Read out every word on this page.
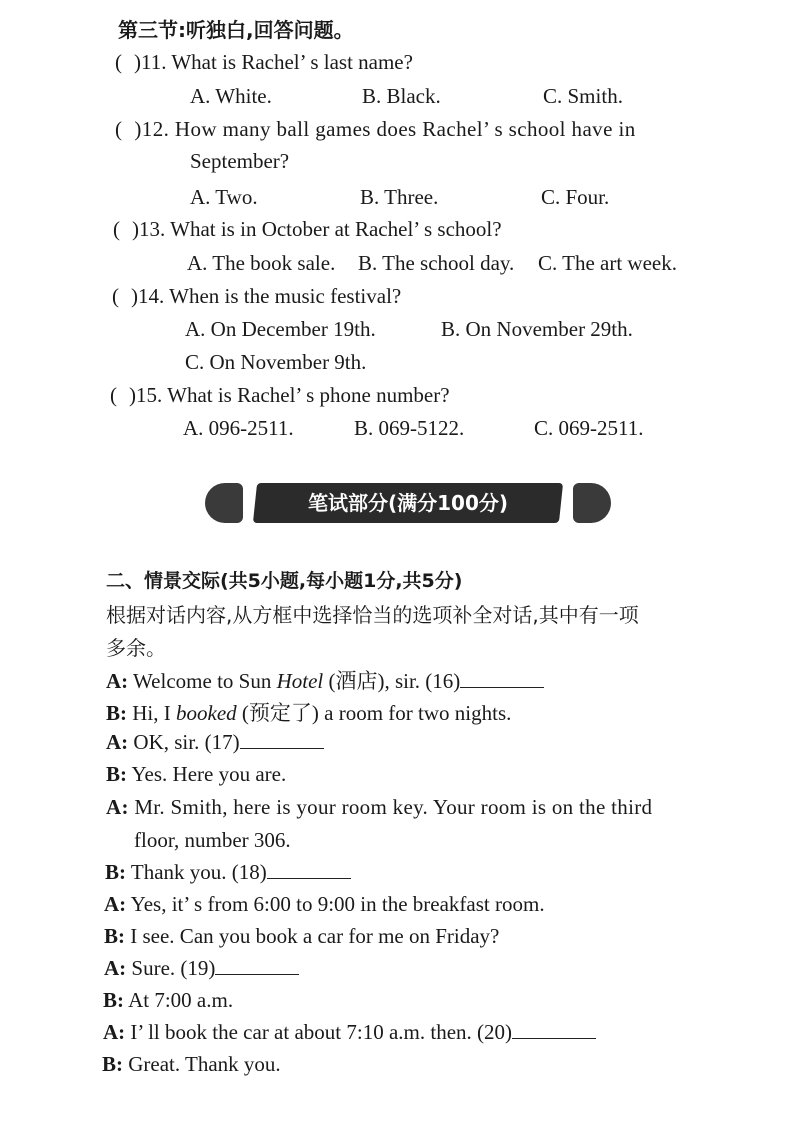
第三节:听独白,回答问题。
( )11. What is Rachel’ s last name?
A. White.	B. Black.	C. Smith.
( )12. How many ball games does Rachel’ s school have in
September?
A. Two.	B. Three.	C. Four.
( )13. What is in October at Rachel’ s school?
A. The book sale. B. The school day. C. The art week.
( )14. When is the music festival?
A. On December 19th.	B. On November 29th.
C. On November 9th.
( )15. What is Rachel’ s phone number?
A. 096-2511.	B. 069-5122.	C. 069-2511.
笔试部分(满分100分)
二、情景交际(共5小题,每小题1分,共5分)
根据对话内容,从方框中选择恰当的选项补全对话,其中有一项
多余。
A: Welcome to Sun Hotel (酒店), sir. (16)
B: Hi, I booked (预定了) a room for two nights.
A: OK, sir. (17)
B: Yes. Here you are.
A: Mr. Smith, here is your room key. Your room is on the third
floor, number 306.
B: Thank you. (18)
A: Yes, it’ s from 6:00 to 9:00 in the breakfast room.
B: I see. Can you book a car for me on Friday?
A: Sure. (19)
B: At 7:00 a.m.
A: I’ ll book the car at about 7:10 a.m. then. (20)
B: Great. Thank you.
